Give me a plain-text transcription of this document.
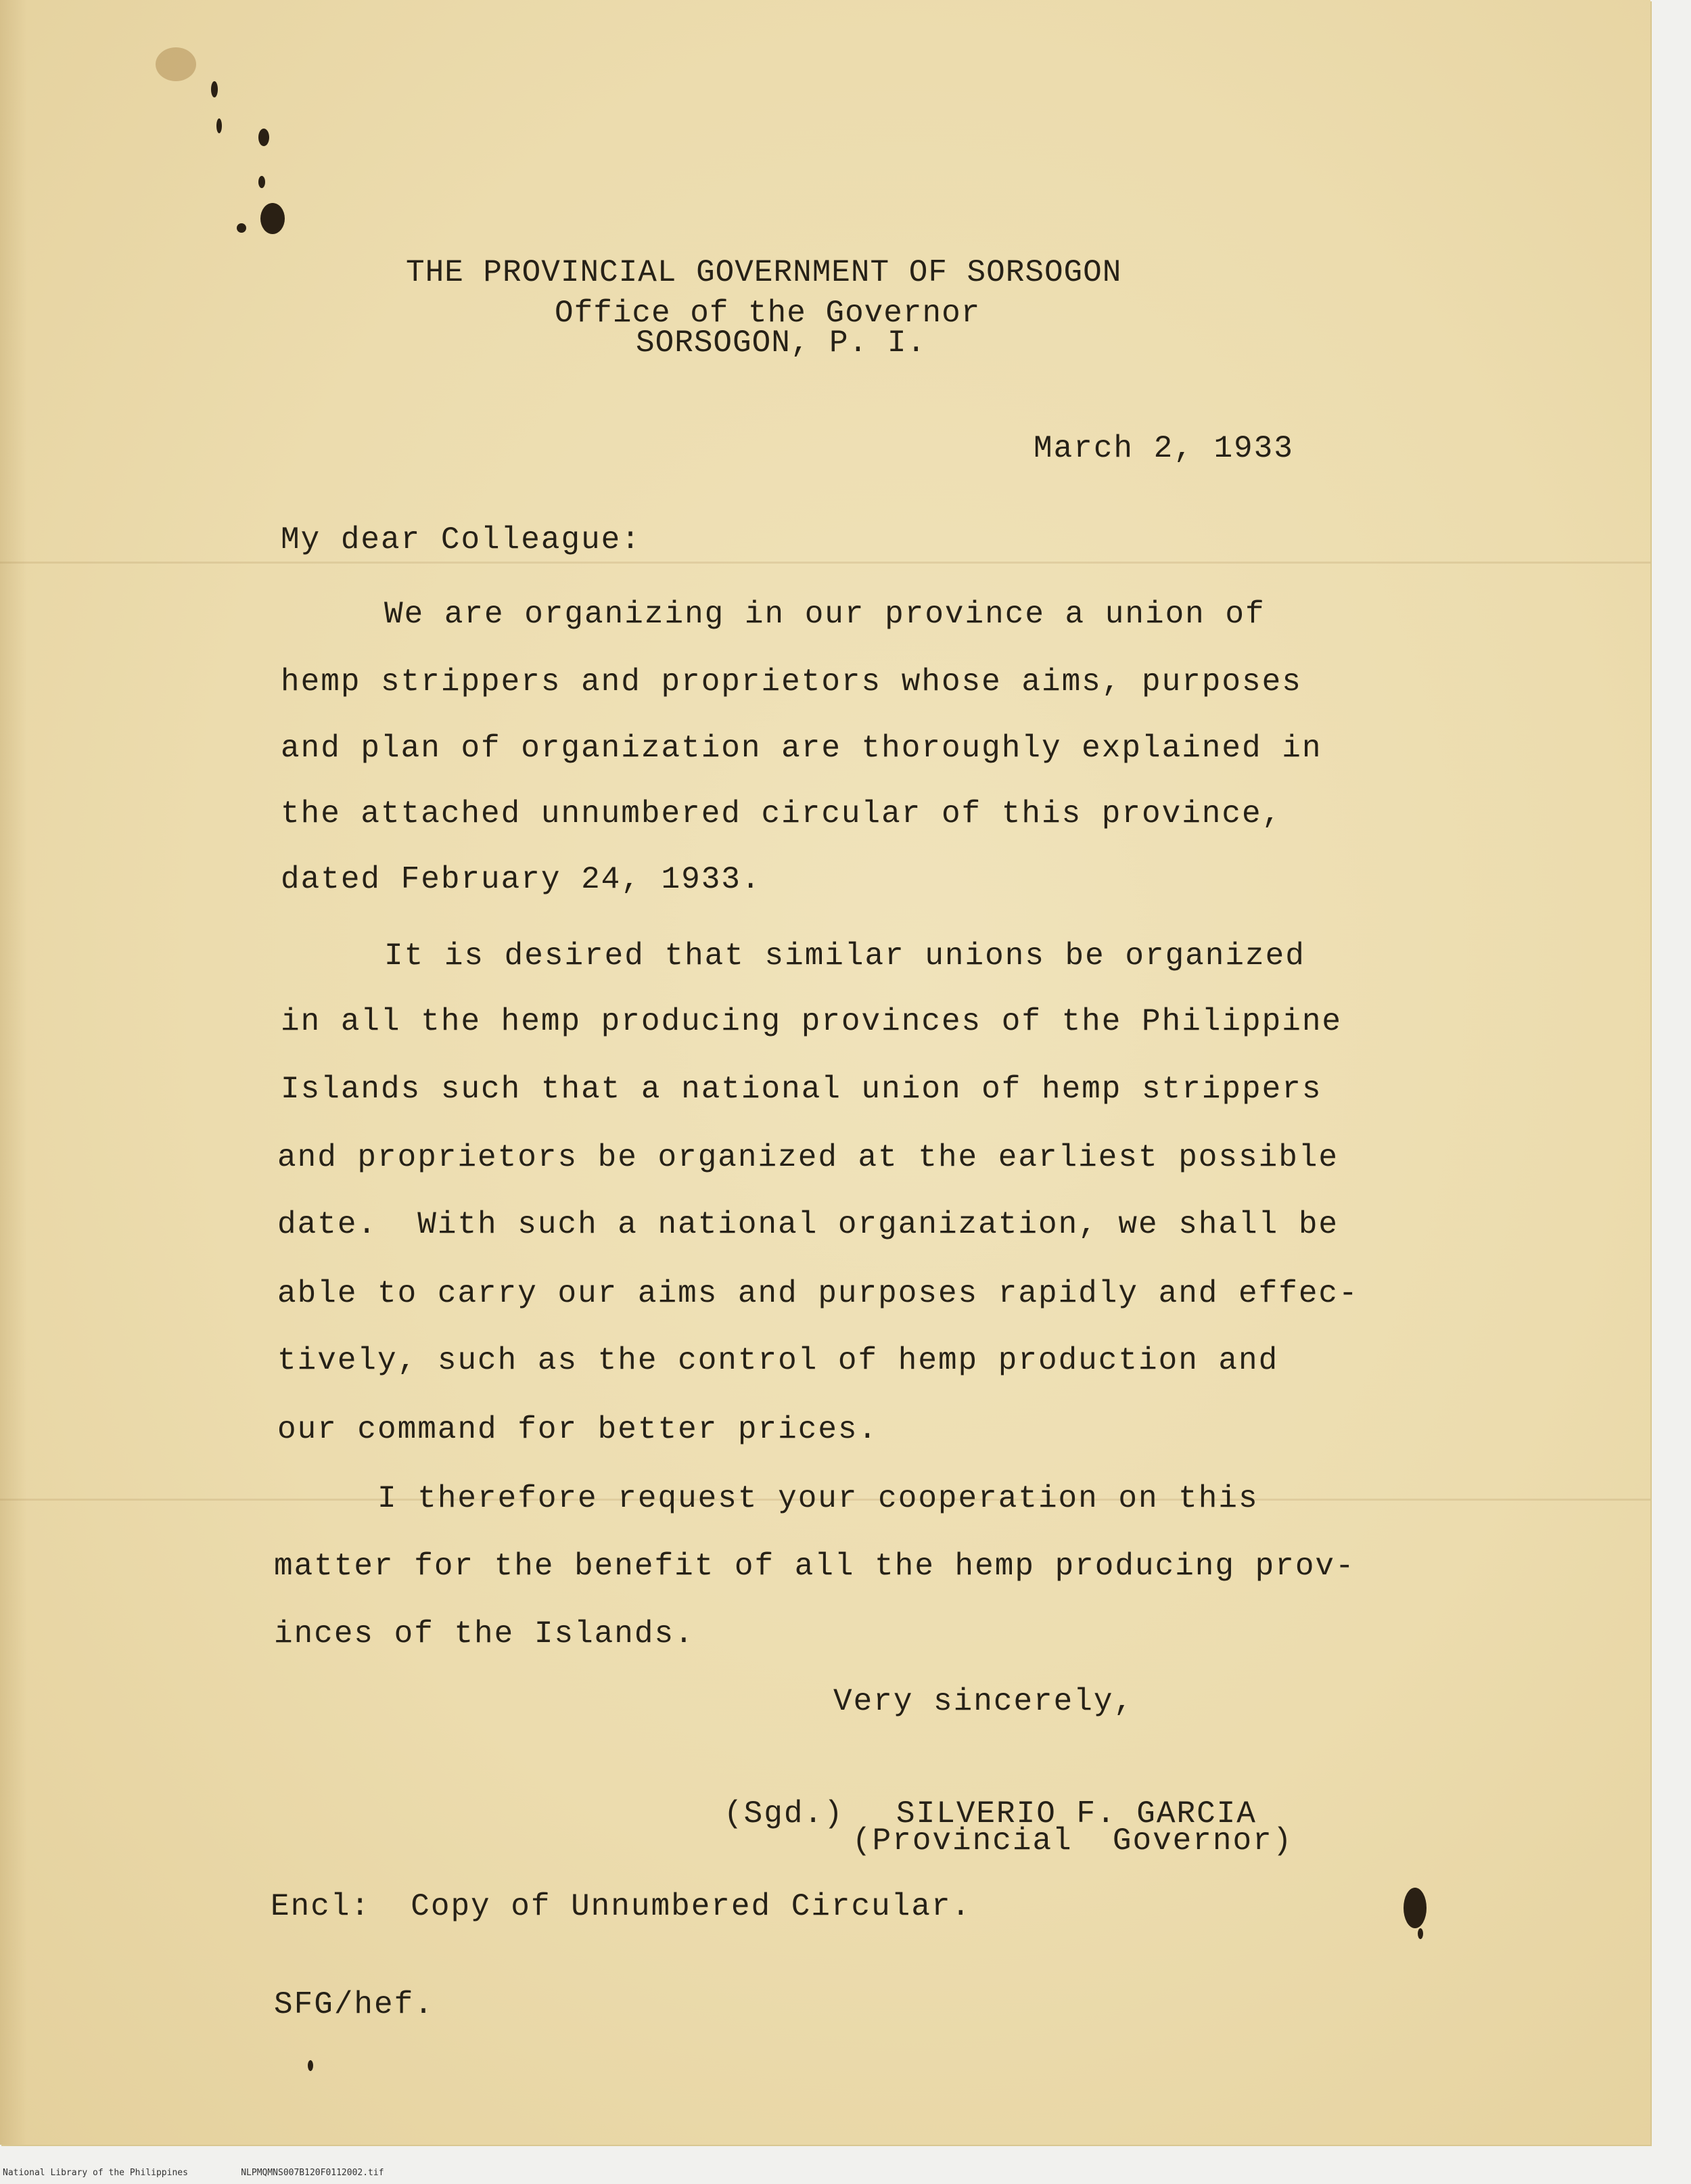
THE PROVINCIAL GOVERNMENT OF SORSOGON
Office of the Governor
SORSOGON, P. I.
March 2, 1933
My dear Colleague:
We are organizing in our province a union of
hemp strippers and proprietors whose aims, purposes
and plan of organization are thoroughly explained in
the attached unnumbered circular of this province,
dated February 24, 1933.
It is desired that similar unions be organized
in all the hemp producing provinces of the Philippine
Islands such that a national union of hemp strippers
and proprietors be organized at the earliest possible
date.  With such a national organization, we shall be
able to carry our aims and purposes rapidly and effec-
tively, such as the control of hemp production and
our command for better prices.
I therefore request your cooperation on this
matter for the benefit of all the hemp producing prov-
inces of the Islands.
Very sincerely,
(Sgd.) SILVERIO F. GARCIA
(Provincial  Governor)
Encl:  Copy of Unnumbered Circular.
SFG/hef.
National Library of the Philippines	NLPMQMNS007B120F0112002.tif
